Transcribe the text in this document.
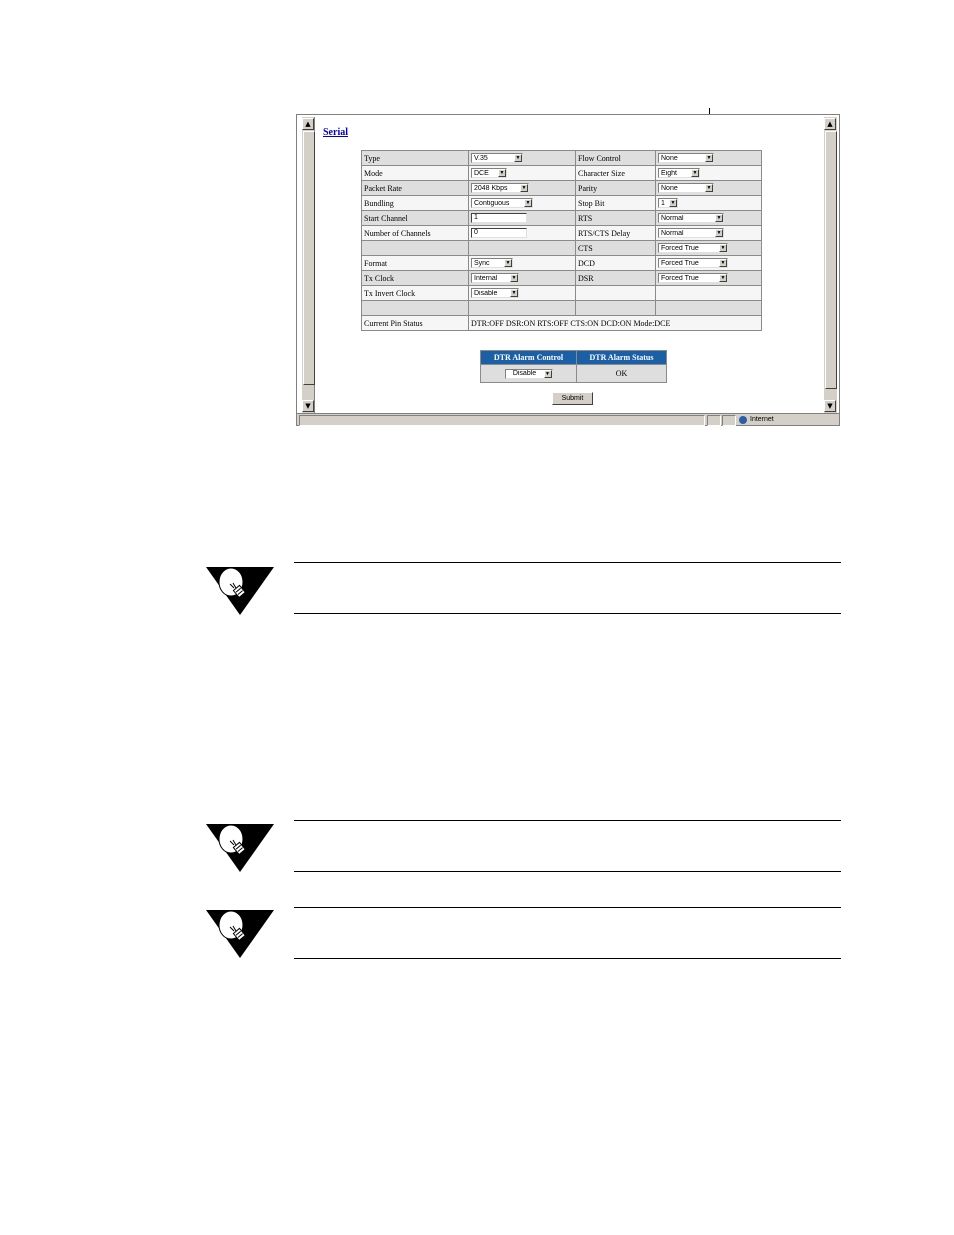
▲
▼
Serial
Type	V.35 ▼	Flow Control	None ▼

Mode	DCE ▼	Character Size	Eight ▼

Packet Rate	2048 Kbps ▼	Parity	None ▼

Bundling	Contiguous ▼	Stop Bit	1 ▼

Start Channel	1	RTS	Normal ▼

Number of Channels	0	RTS/CTS Delay	Normal ▼

		CTS	Forced True ▼

Format	Sync ▼	DCD	Forced True ▼

Tx Clock	Internal ▼	DSR	Forced True ▼

Tx Invert Clock	Disable ▼		

Current Pin Status	DTR:OFF DSR:ON RTS:OFF CTS:ON DCD:ON Mode:DCE		
DTR Alarm Control	DTR Alarm Status

Disable ▼	OK
Submit
▲
▼
Internet
